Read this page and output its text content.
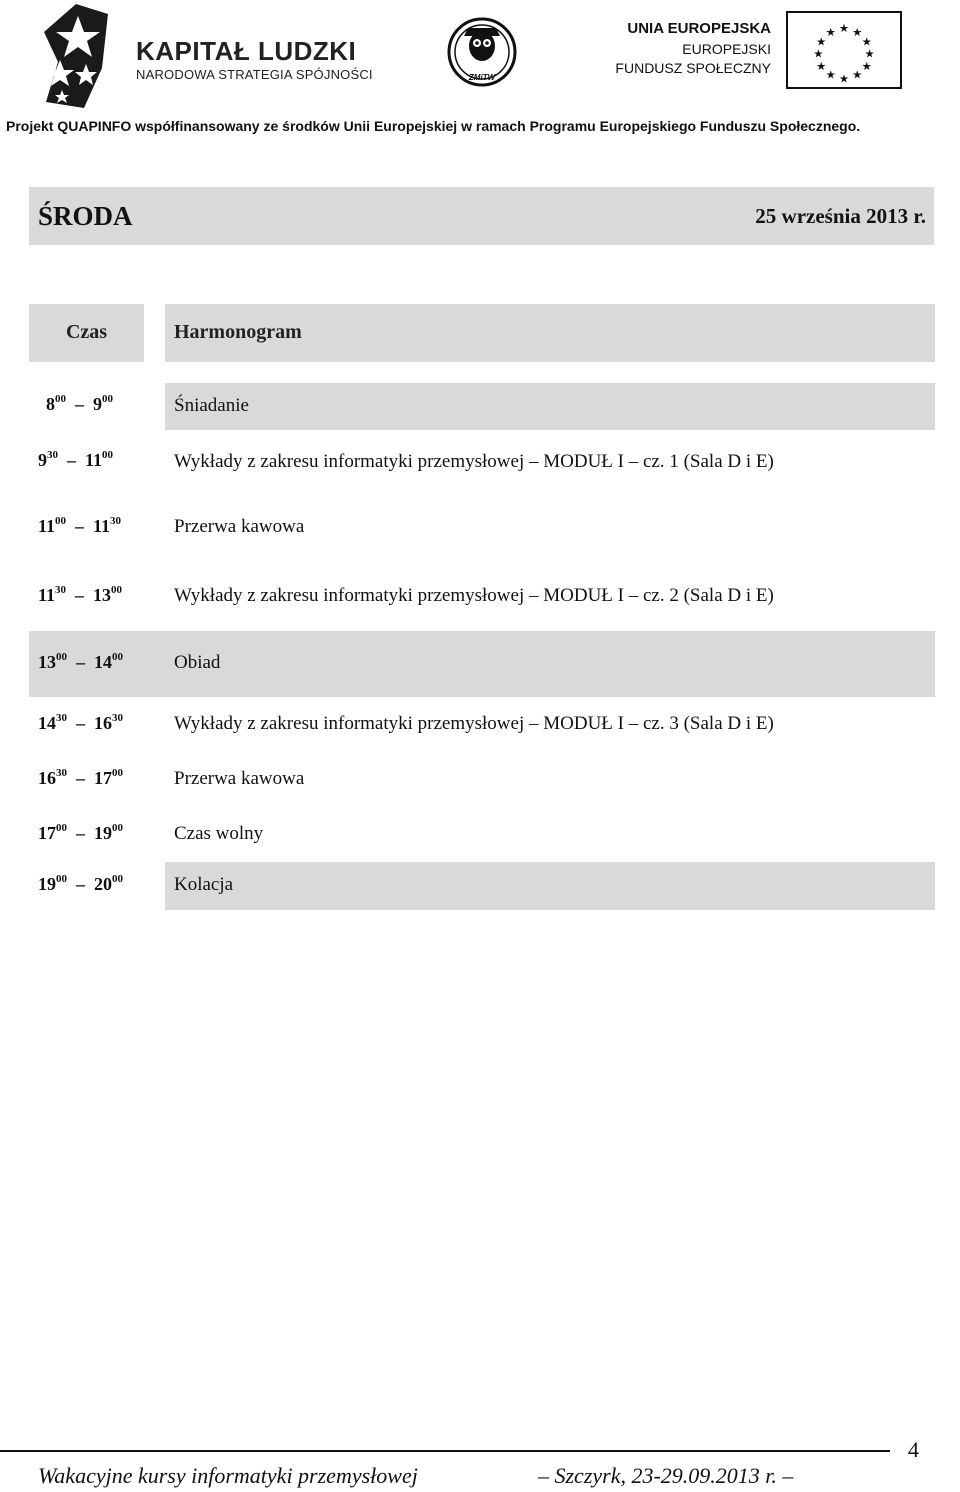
KAPITAŁ LUDZKI
NARODOWA STRATEGIA SPÓJNOŚCI	ZMiTW
UNIA EUROPEJSKA
EUROPEJSKI
FUNDUSZ SPOŁECZNY
★ ★
★
★
★
★
★
★
★
★
★
★
Projekt QUAPINFO współfinansowany ze środków Unii Europejskiej w ramach Programu Europejskiego Funduszu Społecznego.
ŚRODA	25 września 2013 r.
Czas	Harmonogram
$8^{00} - 9^{00}$	Śniadanie
$9^{30} - 11^{00}$	Wykłady z zakresu informatyki przemysłowej – MODUŁ I – cz. 1 (Sala D i E)
$11^{00} - 11^{30}$	Przerwa kawowa
$11^{30} - 13^{00}$	Wykłady z zakresu informatyki przemysłowej – MODUŁ I – cz. 2 (Sala D i E)
$13^{00} - 14^{00}$	Obiad
$14^{30} - 16^{30}$	Wykłady z zakresu informatyki przemysłowej – MODUŁ I – cz. 3 (Sala D i E)
$16^{30} - 17^{00}$	Przerwa kawowa
$17^{00} - 19^{00}$	Czas wolny
$19^{00} - 20^{00}$	Kolacja
4
Wakacyjne kursy informatyki przemysłowej	– Szczyrk, 23-29.09.2013 r. –
